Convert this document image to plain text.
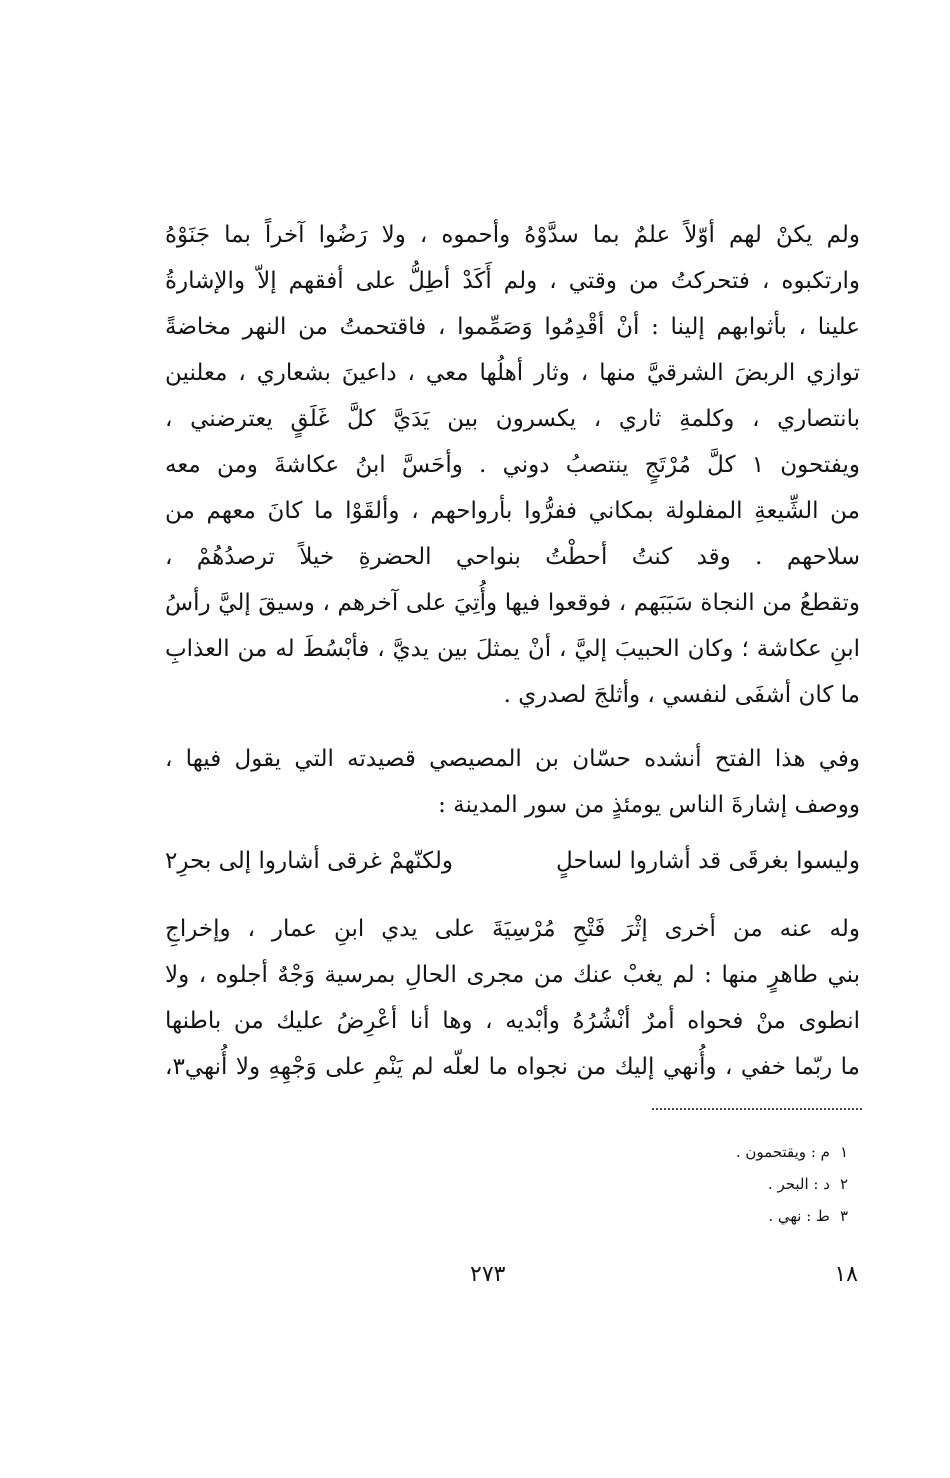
ولم يكنْ لهم أوّلاً علمٌ بما سدَّوْهُ وأحموه ، ولا رَضُوا آخراً بما جَنَوْهُ
وارتكبوه ، فتحركتُ من وقتي ، ولم أَكَدْ أطِلُّ على أفقهم إلاّ والإشارةُ
علينا ، بأثوابهم إلينا : أنْ أقْدِمُوا وَصَمِّموا ، فاقتحمتُ من النهر مخاضةً
توازي الربضَ الشرقيَّ منها ، وثار أهلُها معي ، داعينَ بشعاري ، معلنين
بانتصاري ، وكلمةِ ثاري ، يكسرون بين يَدَيَّ كلَّ غَلَقٍ يعترضني ،
ويفتحون ١ كلَّ مُرْتَجٍ ينتصبُ دوني . وأحَسَّ ابنُ عكاشةَ ومن معه
من الشِّيعةِ المفلولة بمكاني ففرُّوا بأرواحهم ، وألقَوْا ما كانَ معهم من
سلاحهم . وقد كنتُ أحطْتُ بنواحي الحضرةِ خيلاً ترصدُهُمْ ،
وتقطعُ من النجاة سَبَبَهم ، فوقعوا فيها وأُتِيَ على آخرهم ، وسيقَ إليَّ رأسُ
ابنِ عكاشة ؛ وكان الحبيبَ إليَّ ، أنْ يمثلَ بين يديَّ ، فأبْسُطَ له من العذابِ
ما كان أشفَى لنفسي ، وأثلجَ لصدري .
وفي هذا الفتح أنشده حسّان بن المصيصي قصيدته التي يقول فيها ،
ووصف إشارةَ الناس يومئذٍ من سور المدينة :
وليسوا بغرقَى قد أشاروا لساحلٍ
ولكنّهمْ غرقى أشاروا إلى بحرِ٢
وله عنه من أخرى إثْرَ فَتْحِ مُرْسِيَةَ على يدي ابنِ عمار ، وإخراجِ
بني طاهرٍ منها : لم يغبْ عنك من مجرى الحالِ بمرسية وَجْهٌ أجلوه ، ولا
انطوى منْ فحواه أمرٌ أنْشُرُهُ وأبْديه ، وها أنا أعْرِضُ عليك من باطنها
ما ربّما خفي ، وأُنهي إليك من نجواه ما لعلّه لم يَنْمِ على وَجْهِهِ ولا أُنهي٣،
١م : ويقتحمون .
٢د : البحر .
٣ط : نهي .
٢٧٣	١٨
